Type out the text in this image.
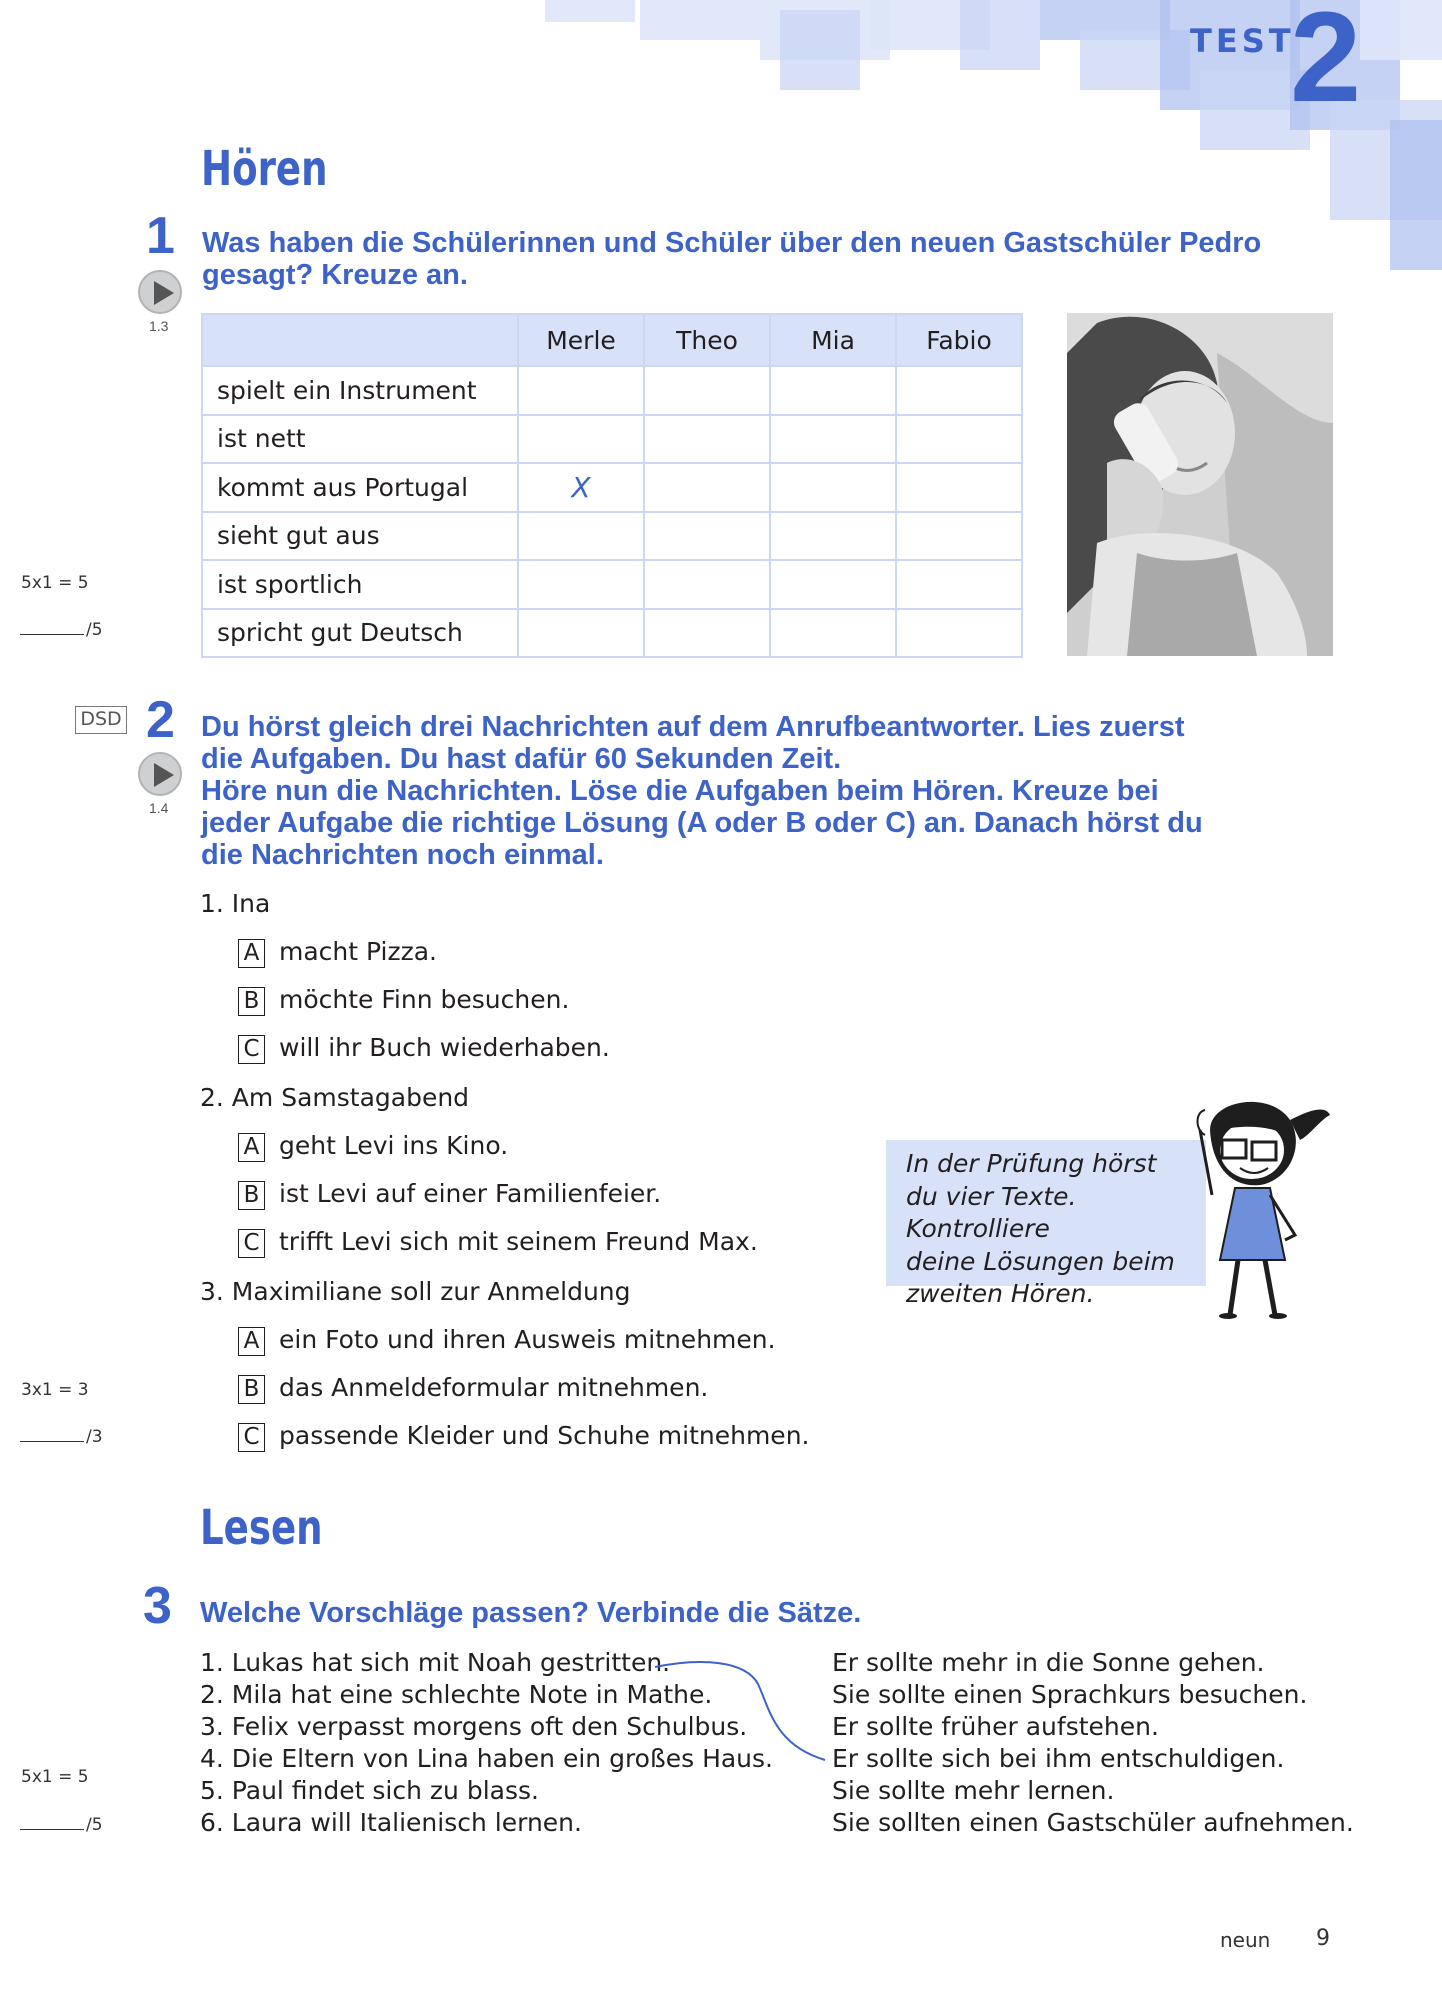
TEST
2
Hören
1 Was haben die Schülerinnen und Schüler über den neuen Gastschüler Pedro
gesagt? Kreuze an.
1.3
		Merle	Theo	Mia	Fabio
spielt ein Instrument				
ist nett				
kommt aus Portugal	X			
sieht gut aus				
ist sportlich				
spricht gut Deutsch				
5x1 = 5
/5
DSD 2
1.4
Du hörst gleich drei Nachrichten auf dem Anrufbeantworter. Lies zuerst
die Aufgaben. Du hast dafür 60 Sekunden Zeit.
Höre nun die Nachrichten. Löse die Aufgaben beim Hören. Kreuze bei
jeder Aufgabe die richtige Lösung (A oder B oder C) an. Danach hörst du
die Nachrichten noch einmal.
1. Ina
A macht Pizza.
B möchte Finn besuchen.
C will ihr Buch wiederhaben.
2. Am Samstagabend
A geht Levi ins Kino.
B ist Levi auf einer Familienfeier.
C trifft Levi sich mit seinem Freund Max.
3. Maximiliane soll zur Anmeldung
A ein Foto und ihren Ausweis mitnehmen.
B das Anmeldeformular mitnehmen.
C passende Kleider und Schuhe mitnehmen.
In der Prüfung hörst
du vier Texte. Kontrolliere
deine Lösungen beim
zweiten Hören.
3x1 = 3
/3
Lesen
3 Welche Vorschläge passen? Verbinde die Sätze.
1. Lukas hat sich mit Noah gestritten.
2. Mila hat eine schlechte Note in Mathe.
3. Felix verpasst morgens oft den Schulbus.
4. Die Eltern von Lina haben ein großes Haus.
5. Paul findet sich zu blass.
6. Laura will Italienisch lernen.
Er sollte mehr in die Sonne gehen.
Sie sollte einen Sprachkurs besuchen.
Er sollte früher aufstehen.
Er sollte sich bei ihm entschuldigen.
Sie sollte mehr lernen.
Sie sollten einen Gastschüler aufnehmen.
5x1 = 5
/5
neun 9
